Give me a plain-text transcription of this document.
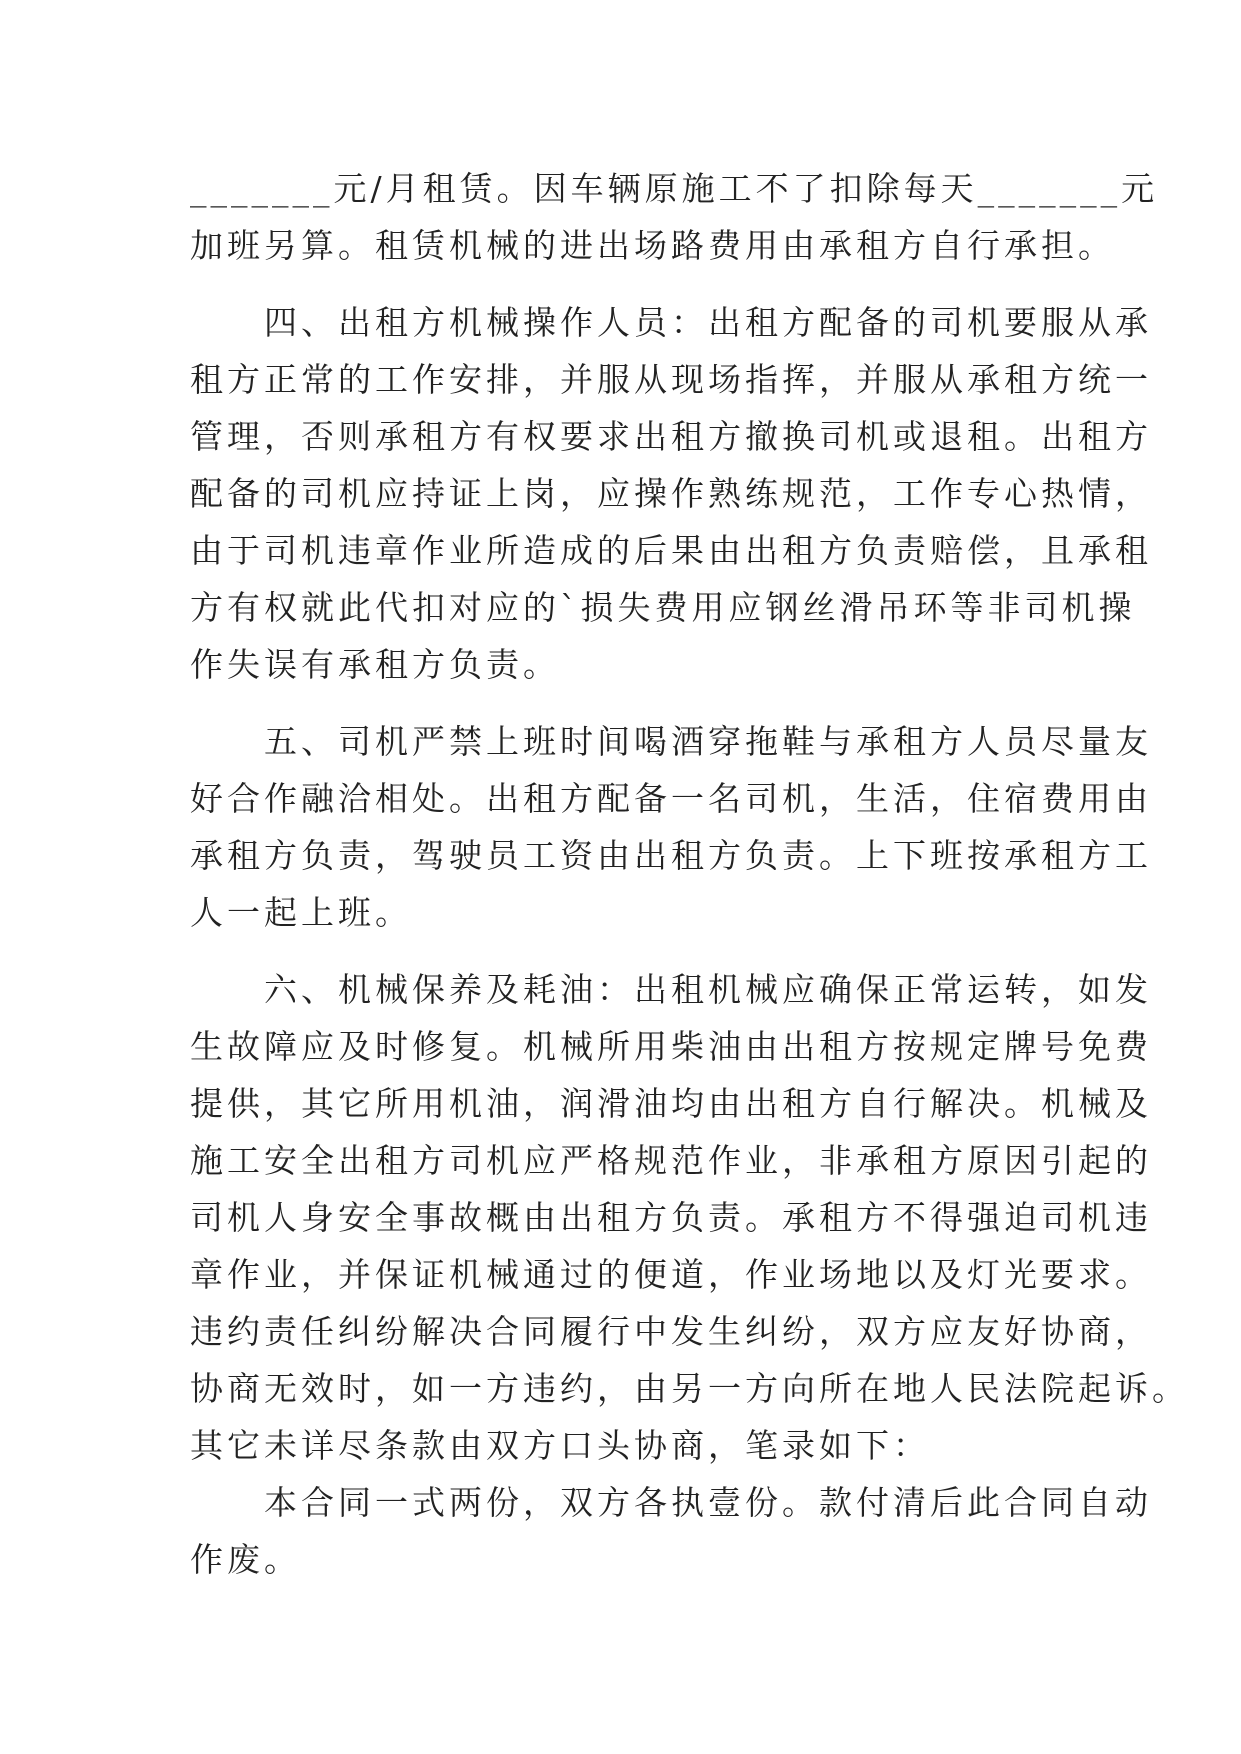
_______元/月租赁。因车辆原施工不了扣除每天_______元
加班另算。租赁机械的进出场路费用由承租方自行承担。
　　四、出租方机械操作人员：出租方配备的司机要服从承
租方正常的工作安排，并服从现场指挥，并服从承租方统一
管理，否则承租方有权要求出租方撤换司机或退租。出租方
配备的司机应持证上岗，应操作熟练规范，工作专心热情，
由于司机违章作业所造成的后果由出租方负责赔偿，且承租
方有权就此代扣对应的`损失费用应钢丝滑吊环等非司机操
作失误有承租方负责。
　　五、司机严禁上班时间喝酒穿拖鞋与承租方人员尽量友
好合作融洽相处。出租方配备一名司机，生活，住宿费用由
承租方负责，驾驶员工资由出租方负责。上下班按承租方工
人一起上班。
　　六、机械保养及耗油：出租机械应确保正常运转，如发
生故障应及时修复。机械所用柴油由出租方按规定牌号免费
提供，其它所用机油，润滑油均由出租方自行解决。机械及
施工安全出租方司机应严格规范作业，非承租方原因引起的
司机人身安全事故概由出租方负责。承租方不得强迫司机违
章作业，并保证机械通过的便道，作业场地以及灯光要求。
违约责任纠纷解决合同履行中发生纠纷，双方应友好协商，
协商无效时，如一方违约，由另一方向所在地人民法院起诉。
其它未详尽条款由双方口头协商，笔录如下：
　　本合同一式两份，双方各执壹份。款付清后此合同自动
作废。
